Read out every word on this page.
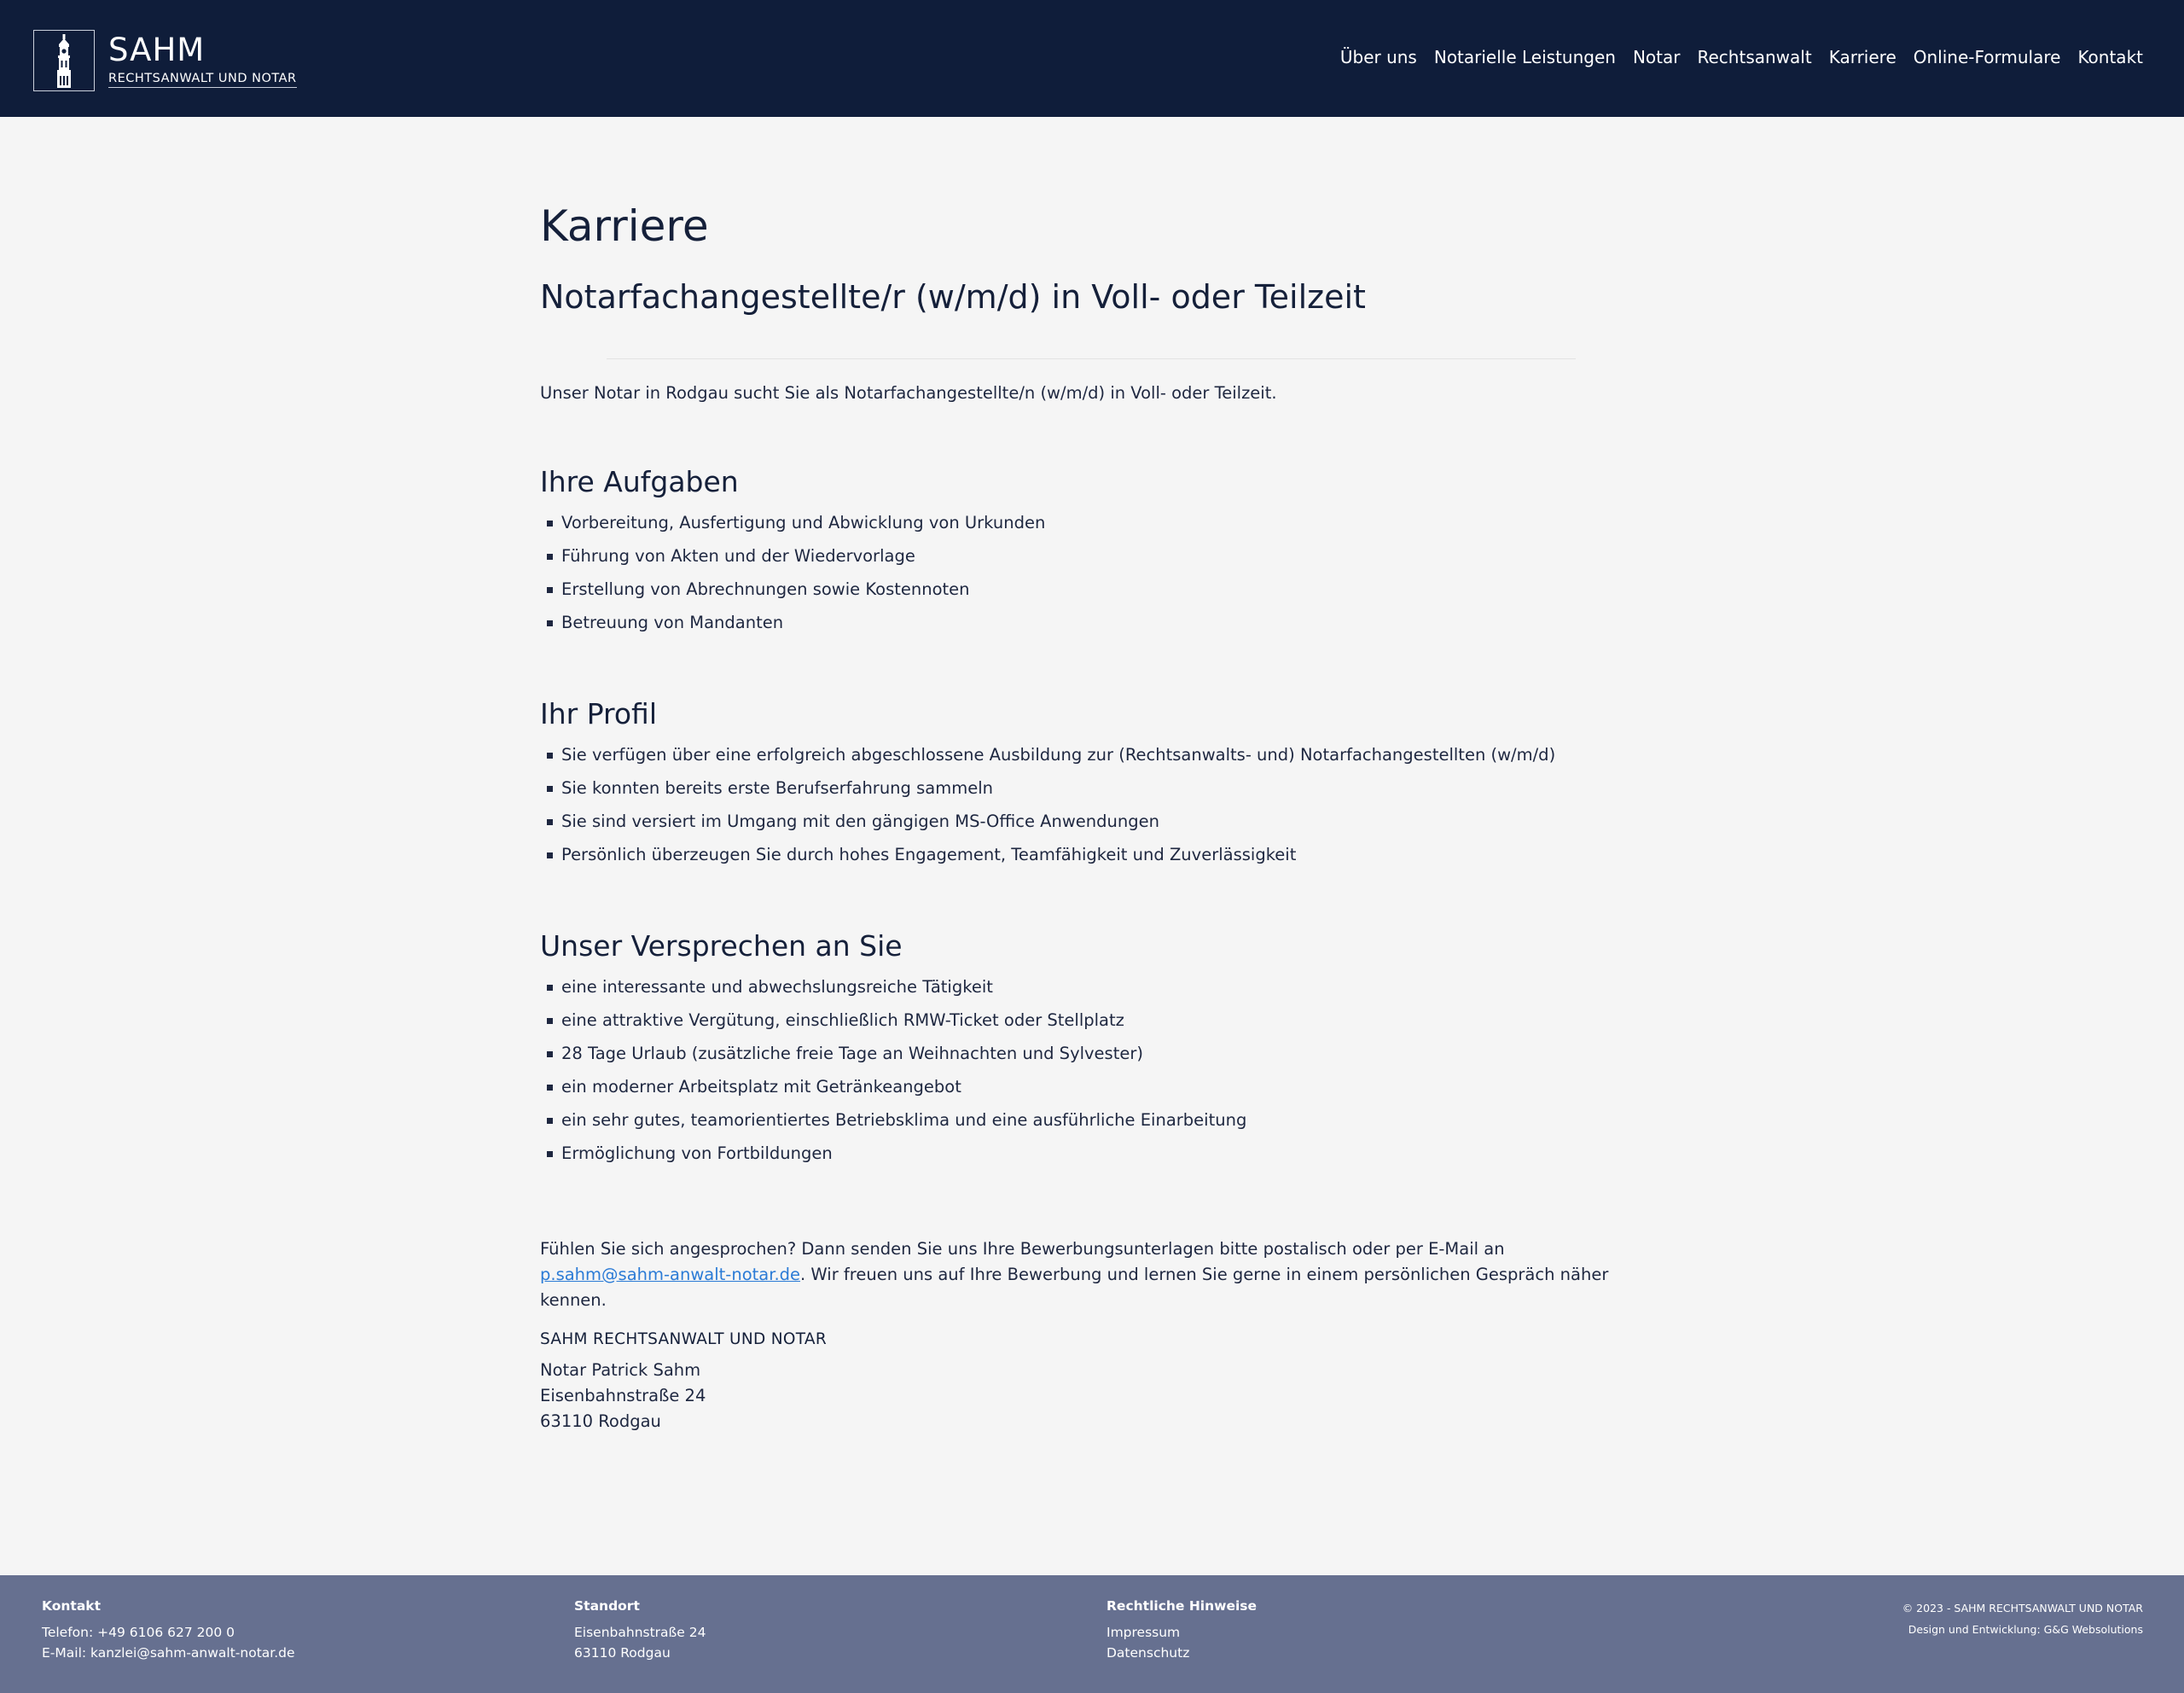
SAHM
RECHTSANWALT UND NOTAR
Über uns Notarielle Leistungen Notar Rechtsanwalt Karriere Online-Formulare Kontakt
Karriere
Notarfachangestellte/r (w/m/d) in Voll- oder Teilzeit

Unser Notar in Rodgau sucht Sie als Notarfachangestellte/n (w/m/d) in Voll- oder Teilzeit.

Ihre Aufgaben
Vorbereitung, Ausfertigung und Abwicklung von Urkunden
Führung von Akten und der Wiedervorlage
Erstellung von Abrechnungen sowie Kostennoten
Betreuung von Mandanten
Ihr Profil
Sie verfügen über eine erfolgreich abgeschlossene Ausbildung zur (Rechtsanwalts- und) Notarfachangestellten (w/m/d)
Sie konnten bereits erste Berufserfahrung sammeln
Sie sind versiert im Umgang mit den gängigen MS-Office Anwendungen
Persönlich überzeugen Sie durch hohes Engagement, Teamfähigkeit und Zuverlässigkeit
Unser Versprechen an Sie
eine interessante und abwechslungsreiche Tätigkeit
eine attraktive Vergütung, einschließlich RMW-Ticket oder Stellplatz
28 Tage Urlaub (zusätzliche freie Tage an Weihnachten und Sylvester)
ein moderner Arbeitsplatz mit Getränkeangebot
ein sehr gutes, teamorientiertes Betriebsklima und eine ausführliche Einarbeitung
Ermöglichung von Fortbildungen

Fühlen Sie sich angesprochen? Dann senden Sie uns Ihre Bewerbungsunterlagen bitte postalisch oder per E-Mail an p.sahm@sahm-anwalt-notar.de. Wir freuen uns auf Ihre Bewerbung und lernen Sie gerne in einem persönlichen Gespräch näher kennen.

SAHM RECHTSANWALT UND NOTAR
Notar Patrick Sahm
Eisenbahnstraße 24
63110 Rodgau
Kontakt
Telefon: +49 6106 627 200 0
E-Mail: kanzlei@sahm-anwalt-notar.de
Standort
Eisenbahnstraße 24
63110 Rodgau
Rechtliche Hinweise
Impressum
Datenschutz
© 2023 - SAHM RECHTSANWALT UND NOTAR
Design und Entwicklung: G&G Websolutions
